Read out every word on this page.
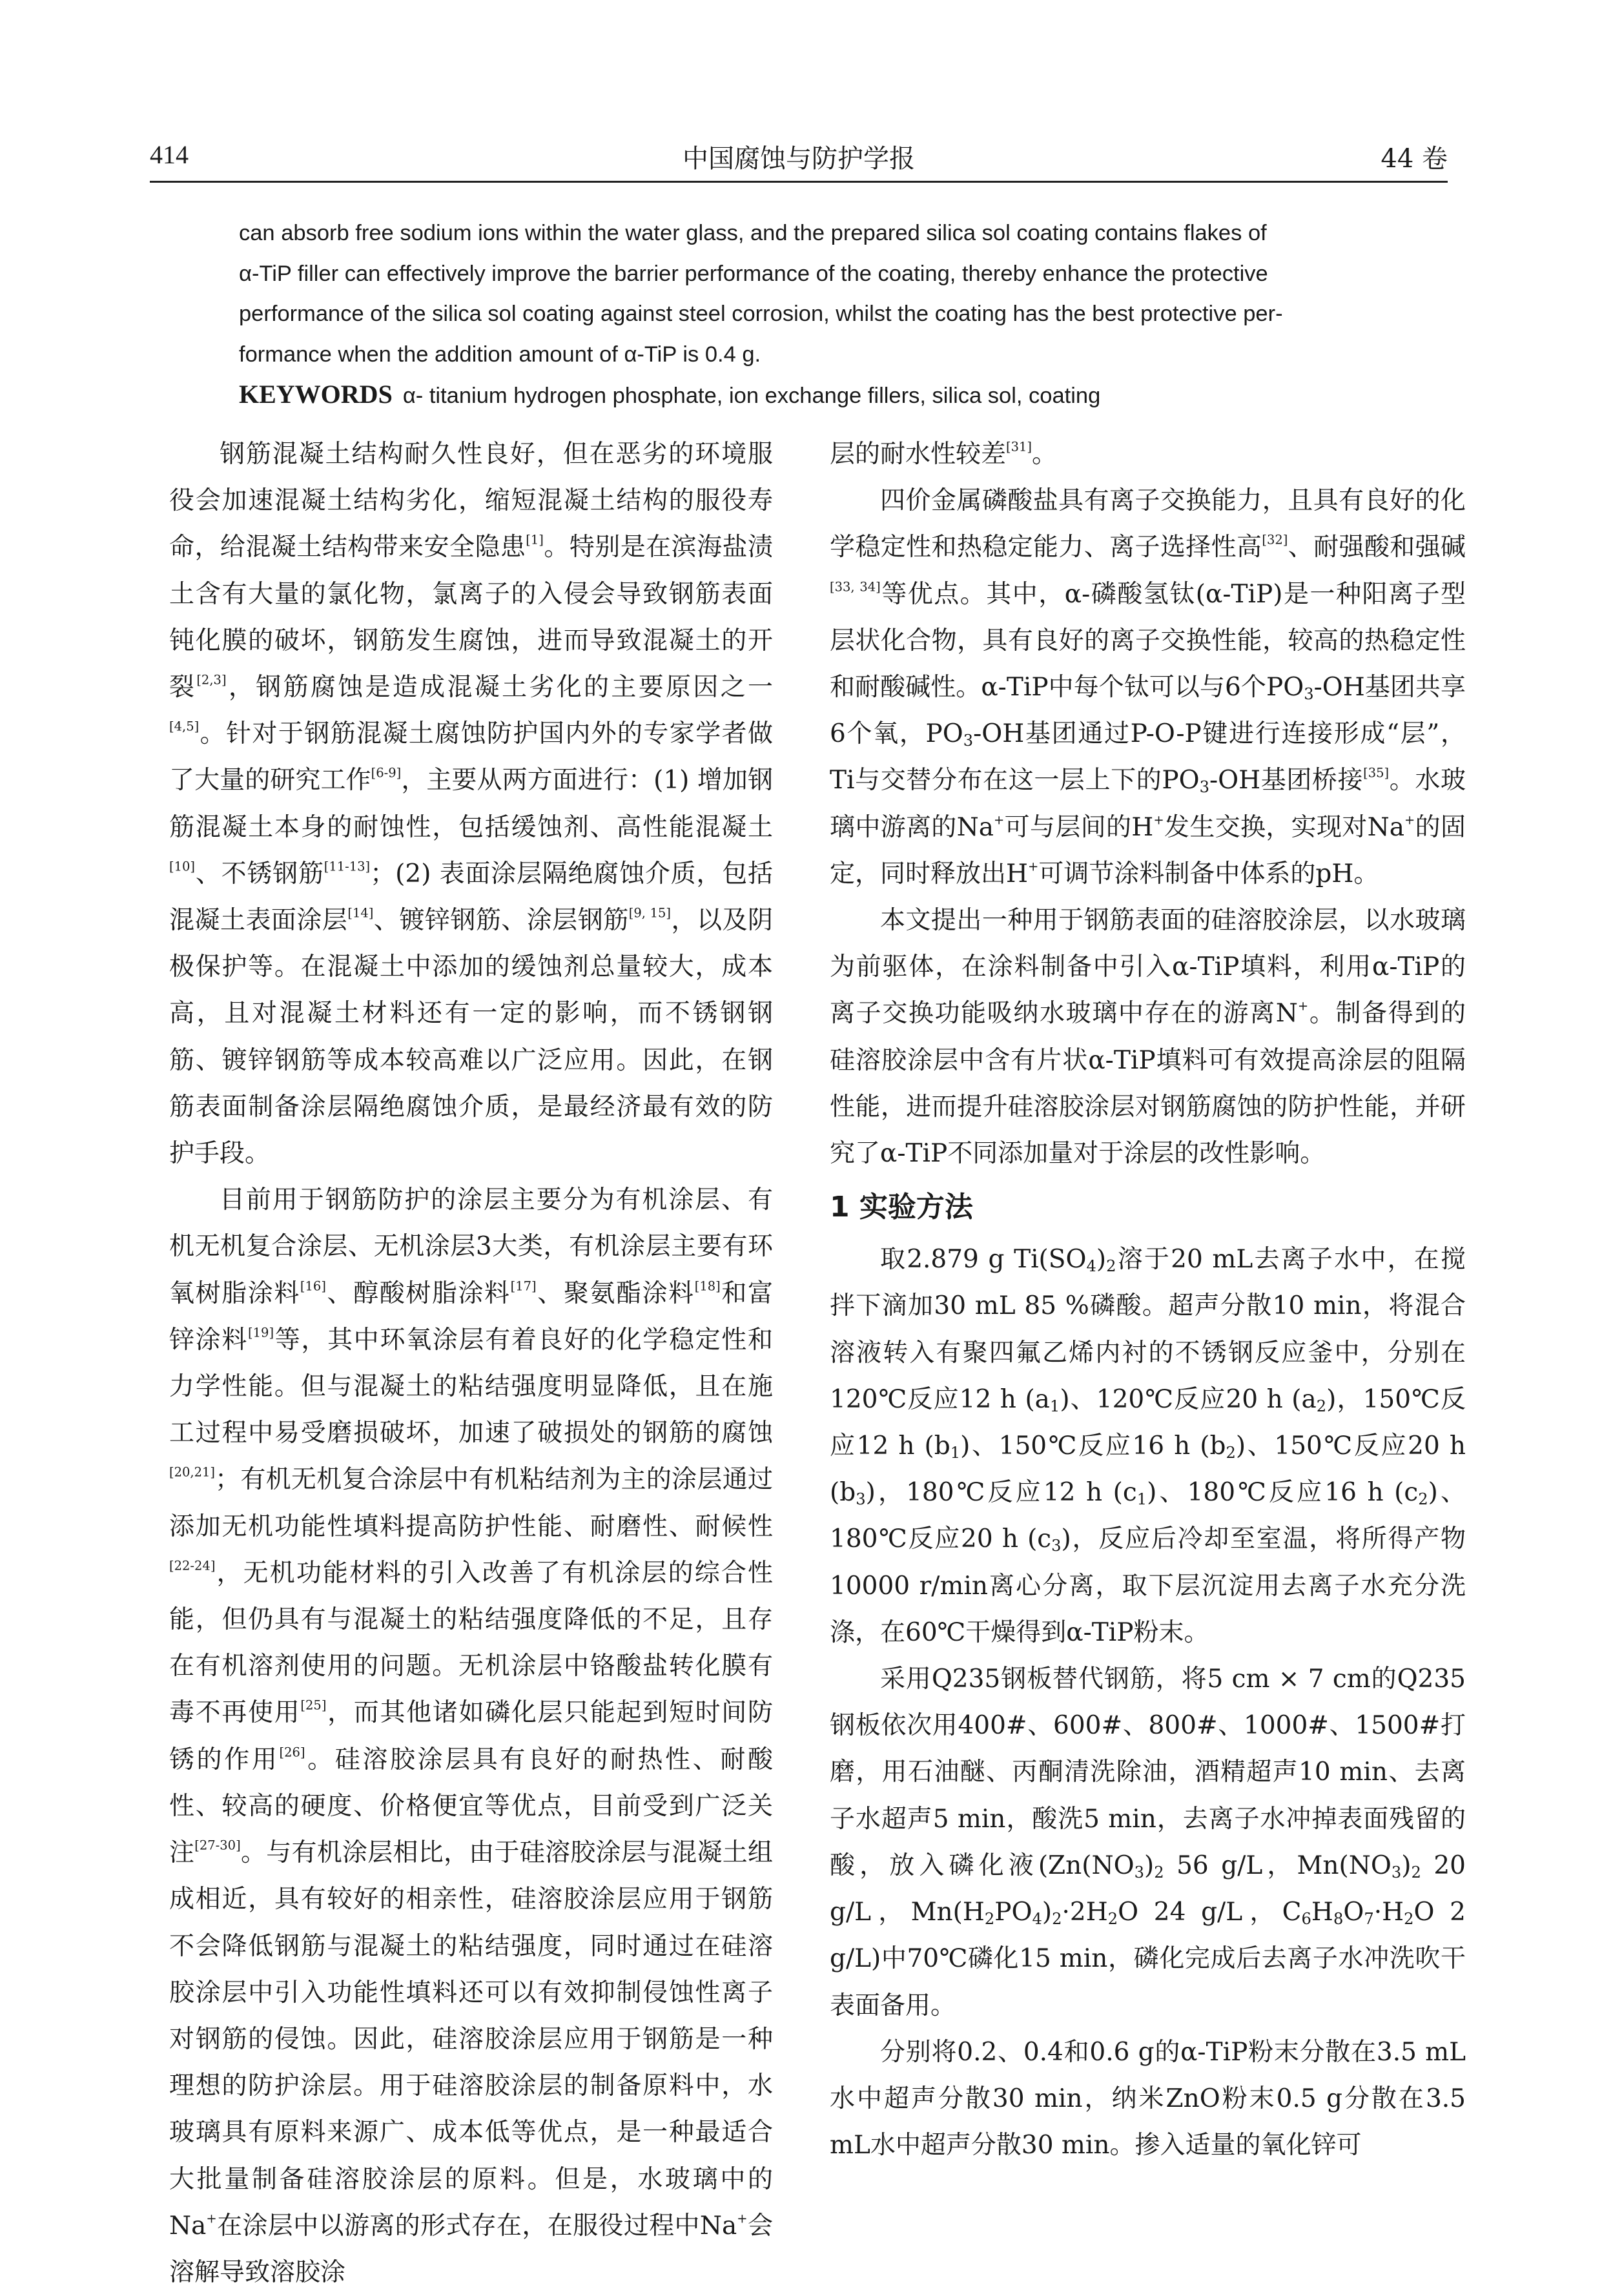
414	中国腐蚀与防护学报	44 卷

can absorb free sodium ions within the water glass, and the prepared silica sol coating contains flakes of
α-TiP filler can effectively improve the barrier performance of the coating, thereby enhance the protective
performance of the silica sol coating against steel corrosion, whilst the coating has the best protective per-
formance when the addition amount of α-TiP is 0.4 g.

KEYWORDS α- titanium hydrogen phosphate, ion exchange fillers, silica sol, coating

钢筋混凝土结构耐久性良好，但在恶劣的环境服役会加速混凝土结构劣化，缩短混凝土结构的服役寿命，给混凝土结构带来安全隐患[1]。特别是在滨海盐渍土含有大量的氯化物，氯离子的入侵会导致钢筋表面钝化膜的破坏，钢筋发生腐蚀，进而导致混凝土的开裂[2,3]，钢筋腐蚀是造成混凝土劣化的主要原因之一[4,5]。针对于钢筋混凝土腐蚀防护国内外的专家学者做了大量的研究工作[6-9]，主要从两方面进行：(1) 增加钢筋混凝土本身的耐蚀性，包括缓蚀剂、高性能混凝土[10]、不锈钢筋[11-13]；(2) 表面涂层隔绝腐蚀介质，包括混凝土表面涂层[14]、镀锌钢筋、涂层钢筋[9, 15]，以及阴极保护等。在混凝土中添加的缓蚀剂总量较大，成本高，且对混凝土材料还有一定的影响，而不锈钢钢筋、镀锌钢筋等成本较高难以广泛应用。因此，在钢筋表面制备涂层隔绝腐蚀介质，是最经济最有效的防护手段。

目前用于钢筋防护的涂层主要分为有机涂层、有机无机复合涂层、无机涂层3大类，有机涂层主要有环氧树脂涂料[16]、醇酸树脂涂料[17]、聚氨酯涂料[18]和富锌涂料[19]等，其中环氧涂层有着良好的化学稳定性和力学性能。但与混凝土的粘结强度明显降低，且在施工过程中易受磨损破坏，加速了破损处的钢筋的腐蚀[20,21]；有机无机复合涂层中有机粘结剂为主的涂层通过添加无机功能性填料提高防护性能、耐磨性、耐候性[22-24]，无机功能材料的引入改善了有机涂层的综合性能，但仍具有与混凝土的粘结强度降低的不足，且存在有机溶剂使用的问题。无机涂层中铬酸盐转化膜有毒不再使用[25]，而其他诸如磷化层只能起到短时间防锈的作用[26]。硅溶胶涂层具有良好的耐热性、耐酸性、较高的硬度、价格便宜等优点，目前受到广泛关注[27-30]。与有机涂层相比，由于硅溶胶涂层与混凝土组成相近，具有较好的相亲性，硅溶胶涂层应用于钢筋不会降低钢筋与混凝土的粘结强度，同时通过在硅溶胶涂层中引入功能性填料还可以有效抑制侵蚀性离子对钢筋的侵蚀。因此，硅溶胶涂层应用于钢筋是一种理想的防护涂层。用于硅溶胶涂层的制备原料中，水玻璃具有原料来源广、成本低等优点，是一种最适合大批量制备硅溶胶涂层的原料。但是，水玻璃中的Na+在涂层中以游离的形式存在，在服役过程中Na+会溶解导致溶胶涂

层的耐水性较差[31]。

四价金属磷酸盐具有离子交换能力，且具有良好的化学稳定性和热稳定能力、离子选择性高[32]、耐强酸和强碱[33, 34]等优点。其中，α-磷酸氢钛(α-TiP)是一种阳离子型层状化合物，具有良好的离子交换性能，较高的热稳定性和耐酸碱性。α-TiP中每个钛可以与6个$PO_3-OH$基团共享6个氧，$PO_3-OH$基团通过P-O-P键进行连接形成“层”，Ti与交替分布在这一层上下的$PO_3-OH$基团桥接[35]。水玻璃中游离的Na+可与层间的H+发生交换，实现对Na+的固定，同时释放出H+可调节涂料制备中体系的pH。

本文提出一种用于钢筋表面的硅溶胶涂层，以水玻璃为前驱体，在涂料制备中引入α-TiP填料，利用α-TiP的离子交换功能吸纳水玻璃中存在的游离N+。制备得到的硅溶胶涂层中含有片状α-TiP填料可有效提高涂层的阻隔性能，进而提升硅溶胶涂层对钢筋腐蚀的防护性能，并研究了α-TiP不同添加量对于涂层的改性影响。

1 实验方法

取2.879 g $Ti(SO_4)_2$溶于20 mL去离子水中，在搅拌下滴加30 mL 85 %磷酸。超声分散10 min，将混合溶液转入有聚四氟乙烯内衬的不锈钢反应釜中，分别在120℃反应12 h $(a_1)$、120℃反应20 h $(a_2)$，150℃反应12 h $(b_1)$、150℃反应16 h $(b_2)$、150℃反应20 h $(b_3)$，180℃反应12 h $(c_1)$、180℃反应16 h $(c_2)$、180℃反应20 h $(c_3)$，反应后冷却至室温，将所得产物10000 r/min离心分离，取下层沉淀用去离子水充分洗涤，在60℃干燥得到α-TiP粉末。

采用Q235钢板替代钢筋，将5 cm × 7 cm的Q235钢板依次用400#、600#、800#、1000#、1500#打磨，用石油醚、丙酮清洗除油，酒精超声10 min、去离子水超声5 min，酸洗5 min，去离子水冲掉表面残留的酸，放入磷化液($Zn(NO_3)_2$ 56 g/L，$Mn(NO_3)_2$ 20 g/L，$Mn(H_2PO_4)_2\cdot 2H_2O$ 24 g/L，$C_6H_8O_7\cdot H_2O$ 2 g/L)中70℃磷化15 min，磷化完成后去离子水冲洗吹干表面备用。

分别将0.2、0.4和0.6 g的α-TiP粉末分散在3.5 mL水中超声分散30 min，纳米ZnO粉末0.5 g分散在3.5 mL水中超声分散30 min。掺入适量的氧化锌可
